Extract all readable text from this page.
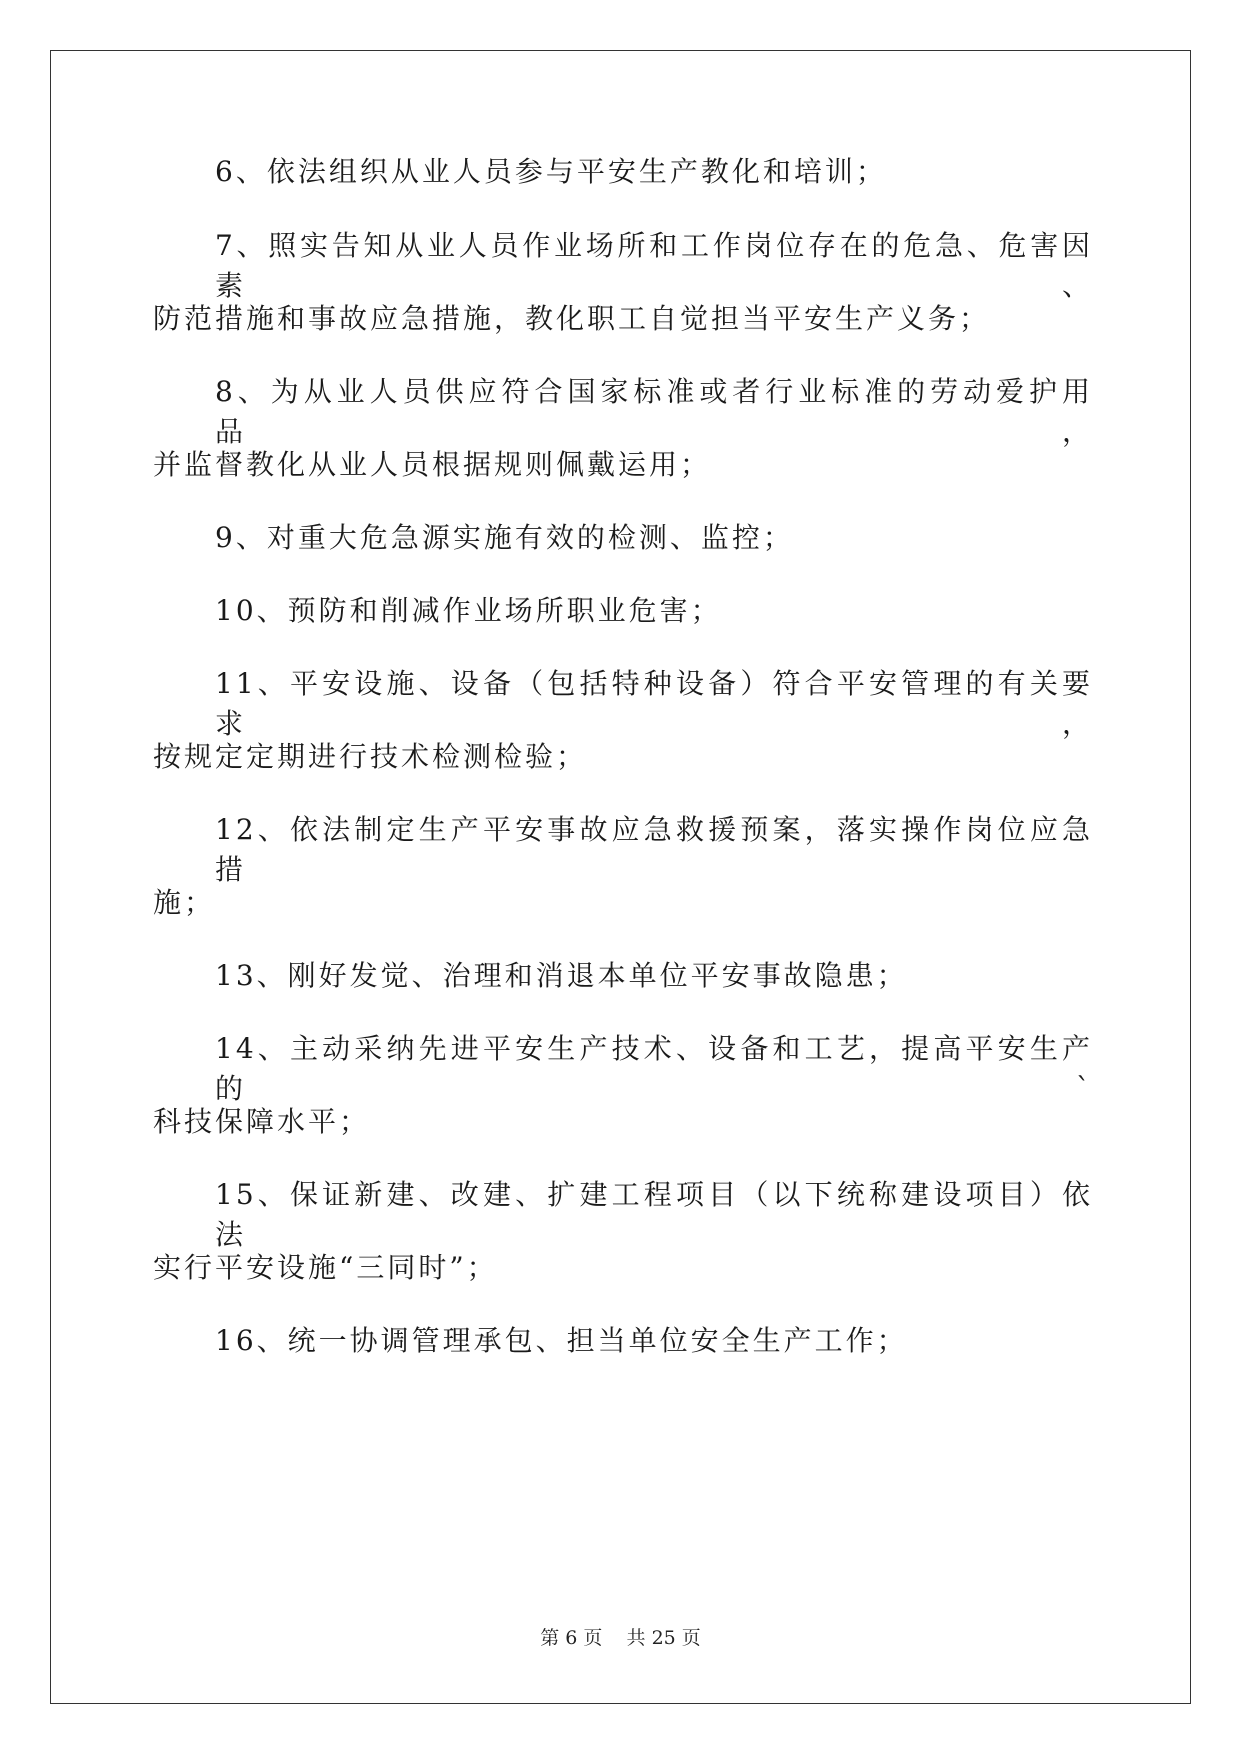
6、依法组织从业人员参与平安生产教化和培训；
7、照实告知从业人员作业场所和工作岗位存在的危急、危害因素、
防范措施和事故应急措施，教化职工自觉担当平安生产义务；
8、为从业人员供应符合国家标准或者行业标准的劳动爱护用品，
并监督教化从业人员根据规则佩戴运用；
9、对重大危急源实施有效的检测、监控；
10、预防和削减作业场所职业危害；
11、平安设施、设备（包括特种设备）符合平安管理的有关要求，
按规定定期进行技术检测检验；
12、依法制定生产平安事故应急救援预案，落实操作岗位应急措
施；
13、刚好发觉、治理和消退本单位平安事故隐患；
14、主动采纳先进平安生产技术、设备和工艺，提高平安生产的`
科技保障水平；
15、保证新建、改建、扩建工程项目（以下统称建设项目）依法
实行平安设施“三同时”；
16、统一协调管理承包、担当单位安全生产工作；
第 6 页    共 25 页
